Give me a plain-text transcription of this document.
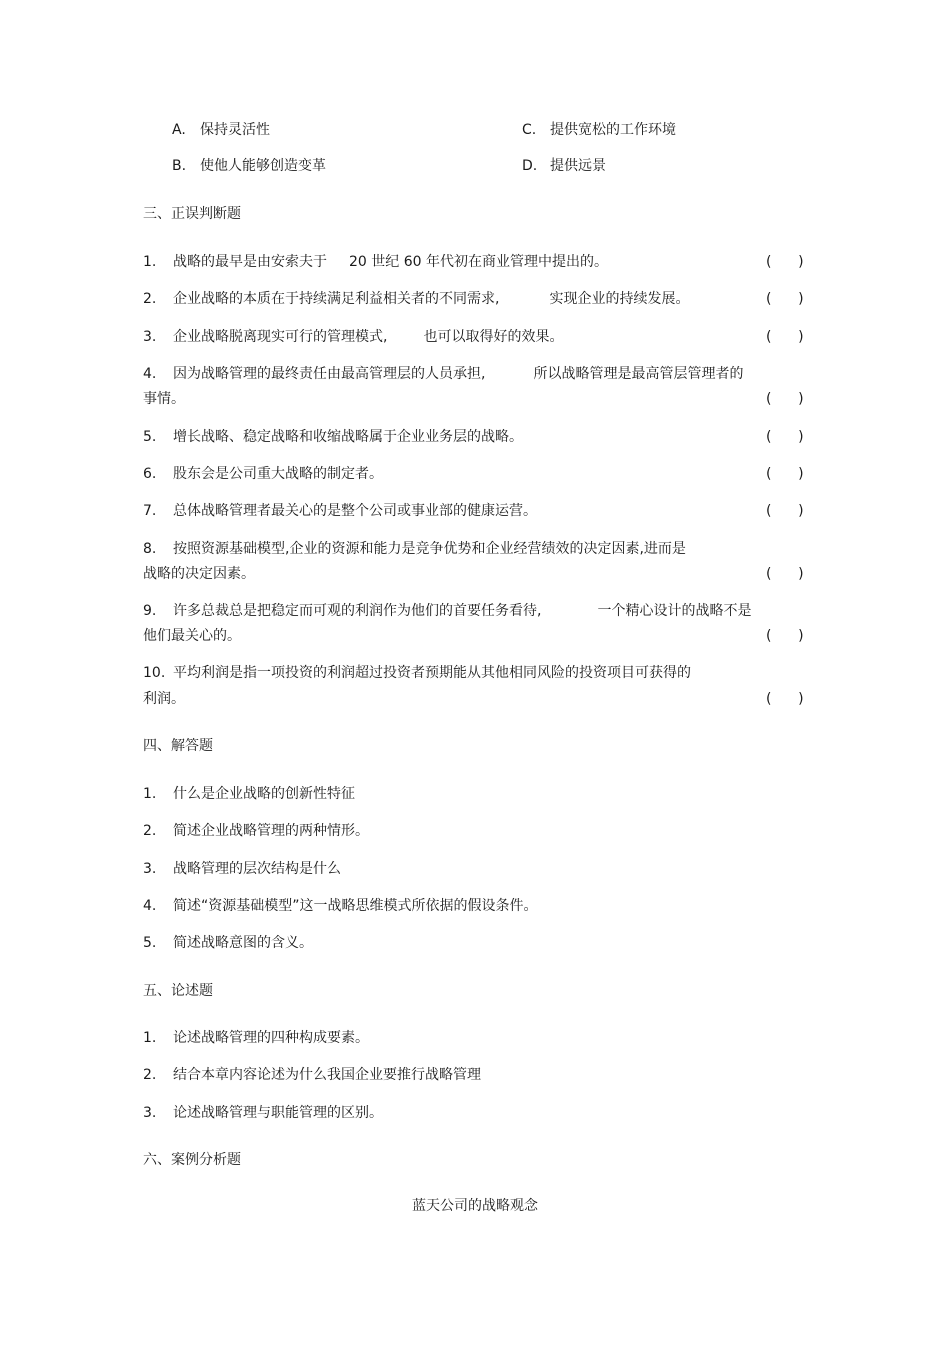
A. 保持灵活性	C. 提供宽松的工作环境
B. 使他人能够创造变革	D. 提供远景
三、正误判断题
1. 战略的最早是由安索夫于 20 世纪 60 年代初在商业管理中提出的。	(      )
2. 企业战略的本质在于持续满足利益相关者的不同需求,	实现企业的持续发展。	(      )
3. 企业战略脱离现实可行的管理模式,	也可以取得好的效果。	(      )
4. 因为战略管理的最终责任由最高管理层的人员承担,	所以战略管理是最高管层管理者的
事情。	(      )
5. 增长战略、稳定战略和收缩战略属于企业业务层的战略。	(      )
6. 股东会是公司重大战略的制定者。	(      )
7. 总体战略管理者最关心的是整个公司或事业部的健康运营。	(      )
8. 按照资源基础模型,企业的资源和能力是竞争优势和企业经营绩效的决定因素,进而是
战略的决定因素。	(      )
9. 许多总裁总是把稳定而可观的利润作为他们的首要任务看待,	一个精心设计的战略不是
他们最关心的。	(      )
10. 平均利润是指一项投资的利润超过投资者预期能从其他相同风险的投资项目可获得的
利润。	(      )
四、解答题
1. 什么是企业战略的创新性特征
2. 简述企业战略管理的两种情形。
3. 战略管理的层次结构是什么
4. 简述“资源基础模型”这一战略思维模式所依据的假设条件。
5. 简述战略意图的含义。
五、论述题
1. 论述战略管理的四种构成要素。
2. 结合本章内容论述为什么我国企业要推行战略管理
3. 论述战略管理与职能管理的区别。
六、案例分析题
蓝天公司的战略观念
